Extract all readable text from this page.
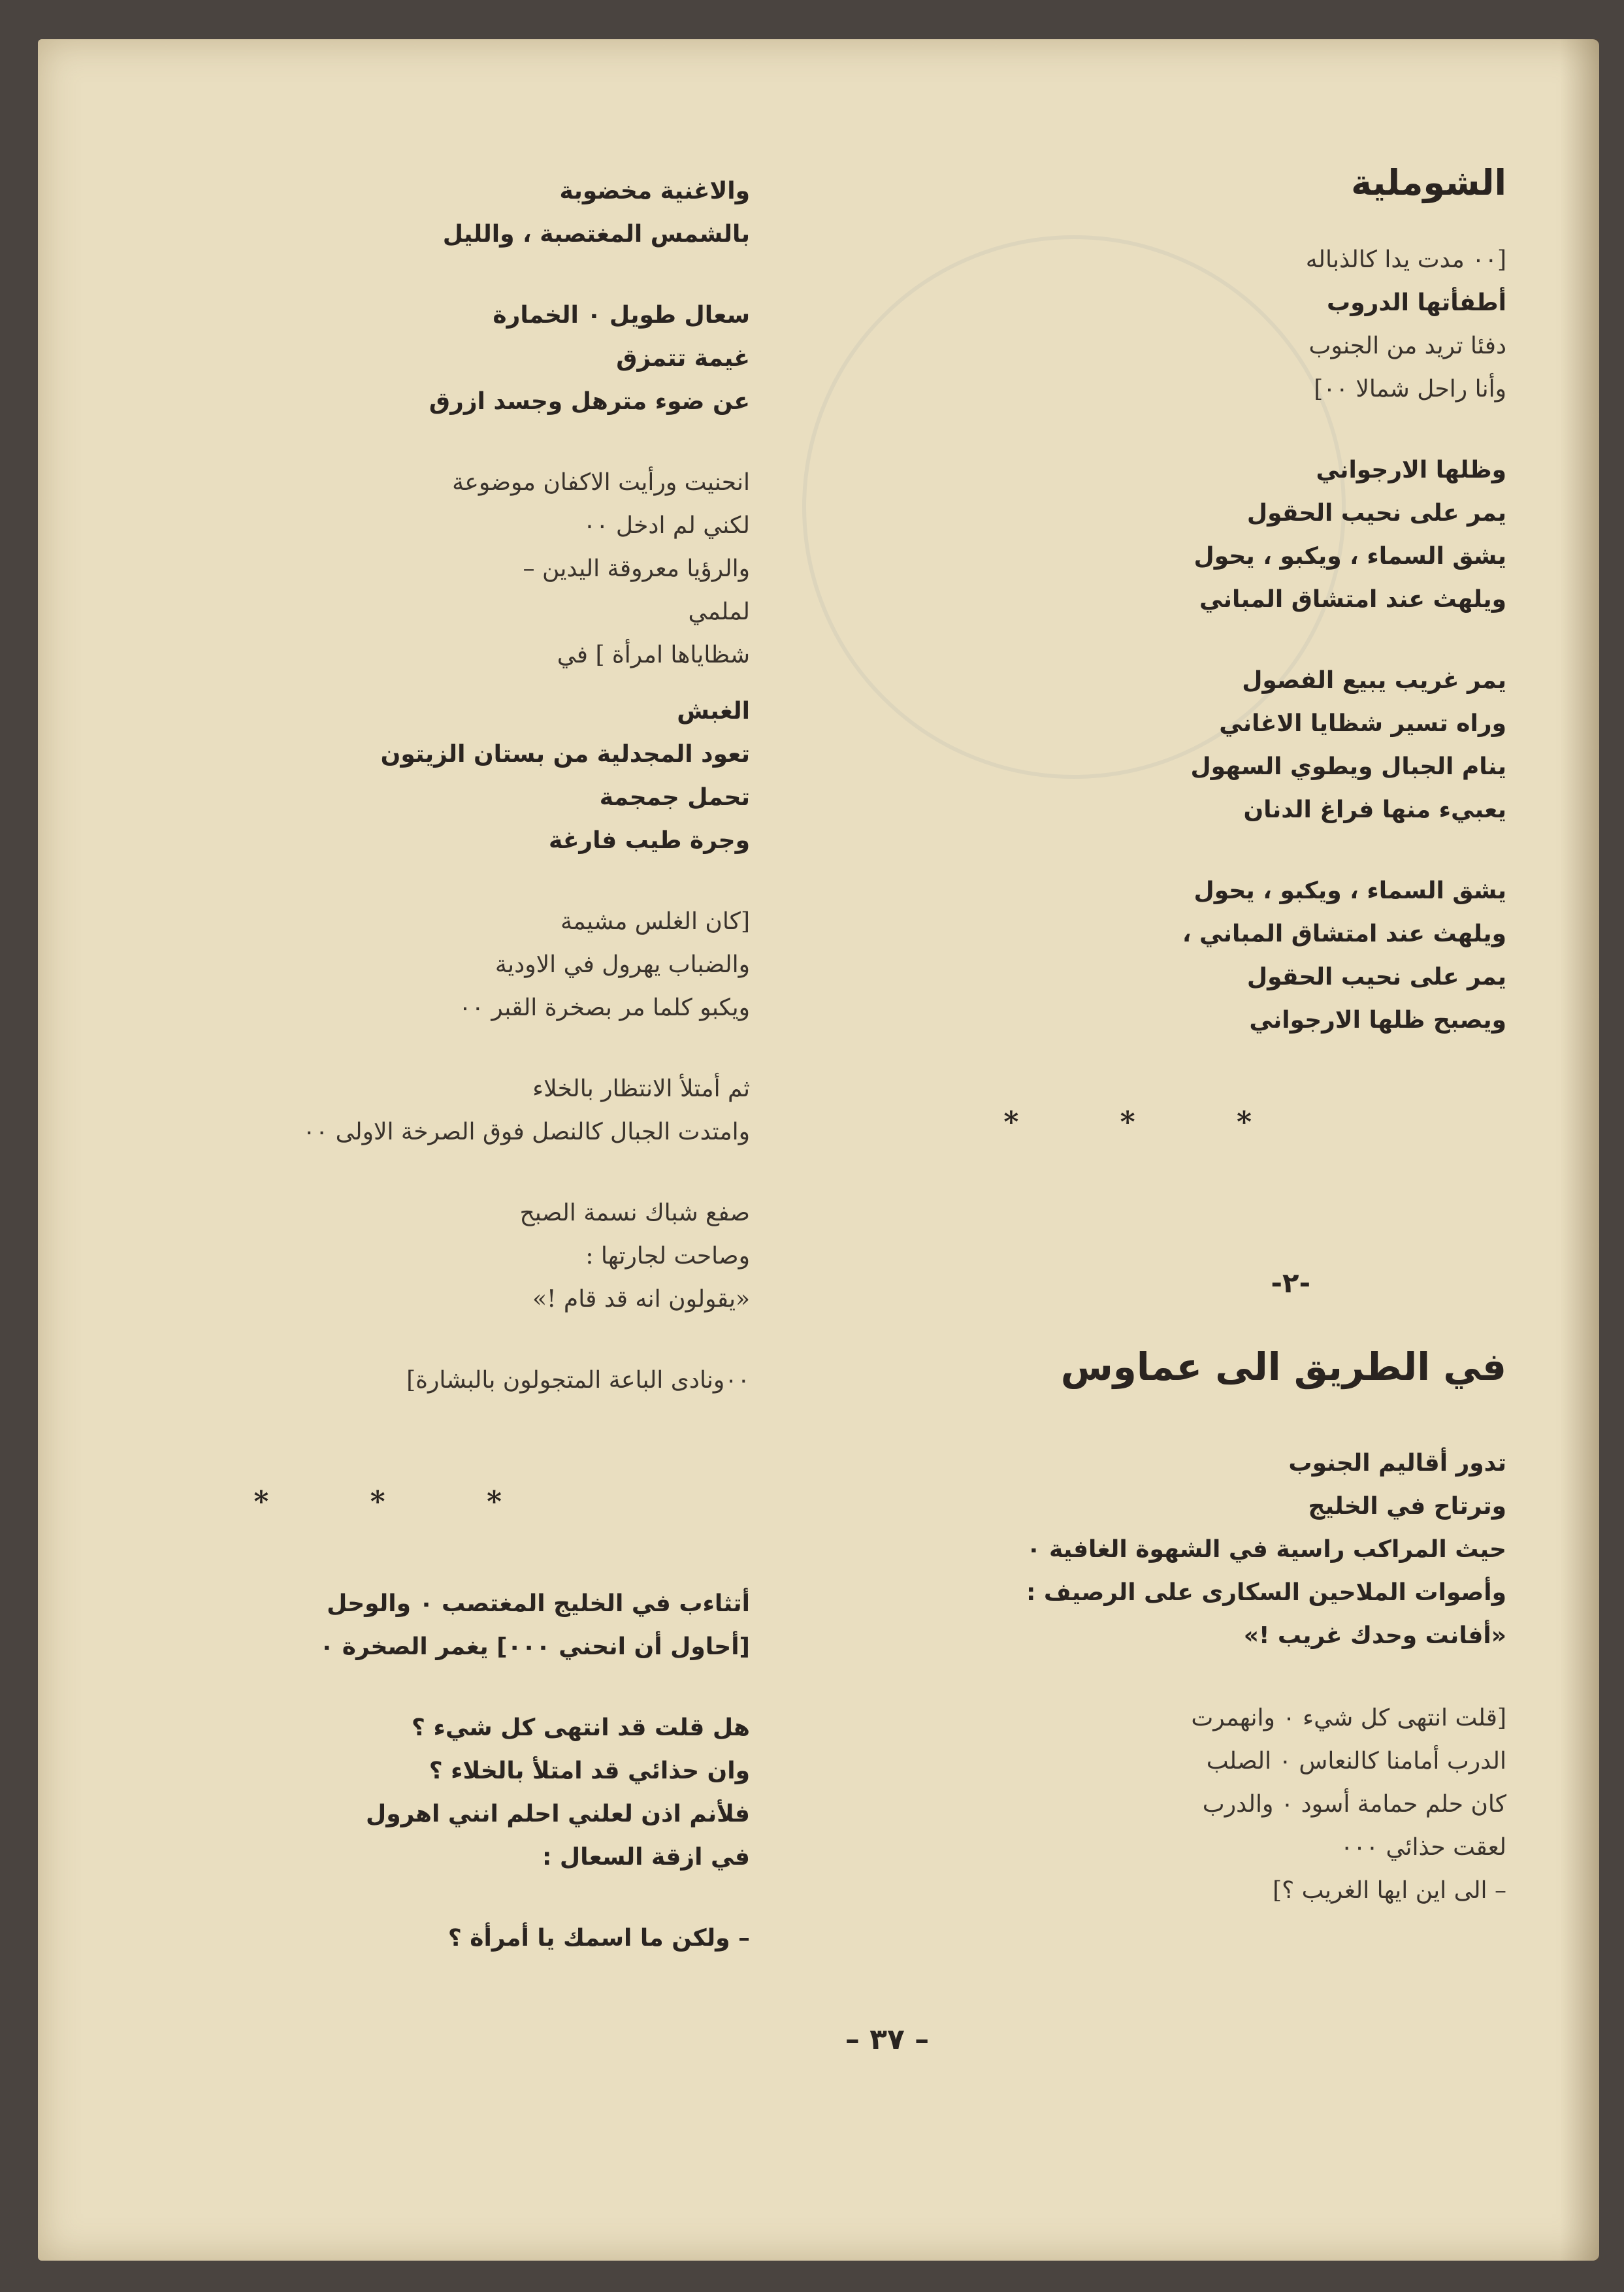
الشوملية
[٠٠ مدت يدا كالذباله
أطفأتها الدروب
دفئا تريد من الجنوب
وأنا راحل شمالا ٠٠]
وظلها الارجواني
يمر على نحيب الحقول
يشق السماء ، ويكبو ، يحول
ويلهث عند امتشاق المباني
يمر غريب يبيع الفصول
وراه تسير شظايا الاغاني
ينام الجبال ويطوي السهول
يعبيء منها فراغ الدنان
يشق السماء ، ويكبو ، يحول
ويلهث عند امتشاق المباني ،
يمر على نحيب الحقول
ويصبح ظلها الارجواني
* * *
-٢-
في الطريق الى عماوس
تدور أقاليم الجنوب
وترتاح في الخليج
حيث المراكب راسية في الشهوة الغافية ٠
وأصوات الملاحين السكارى على الرصيف :
«أفانت وحدك غريب !»
[قلت انتهى كل شيء ٠ وانهمرت
الدرب أمامنا كالنعاس ٠ الصلب
كان حلم حمامة أسود ٠ والدرب
لعقت حذائي ٠٠٠
– الى اين ايها الغريب ؟]
والاغنية مخضوبة
بالشمس المغتصبة ، والليل
سعال طويل ٠ الخمارة
غيمة تتمزق
عن ضوء مترهل وجسد ازرق
انحنيت ورأيت الاكفان موضوعة
لكني لم ادخل ٠٠
والرؤيا معروقة اليدين –
لملمي
شظاياها امرأة ] في
الغبش
تعود المجدلية من بستان الزيتون
تحمل جمجمة
وجرة طيب فارغة
[كان الغلس مشيمة
والضباب يهرول في الاودية
ويكبو كلما مر بصخرة القبر ٠٠
ثم أمتلأ الانتظار بالخلاء
وامتدت الجبال كالنصل فوق الصرخة الاولى ٠٠
صفع شباك نسمة الصبح
وصاحت لجارتها :
«يقولون انه قد قام !»
٠٠ونادى الباعة المتجولون بالبشارة]
* * *
أتثاءب في الخليج المغتصب ٠ والوحل
[أحاول أن انحني ٠٠٠] يغمر الصخرة ٠
هل قلت قد انتهى كل شيء ؟
وان حذائي قد امتلأ بالخلاء ؟
فلأنم اذن لعلني احلم انني اهرول
في ازقة السعال :
– ولكن ما اسمك يا أمرأة ؟
– ٣٧ –
